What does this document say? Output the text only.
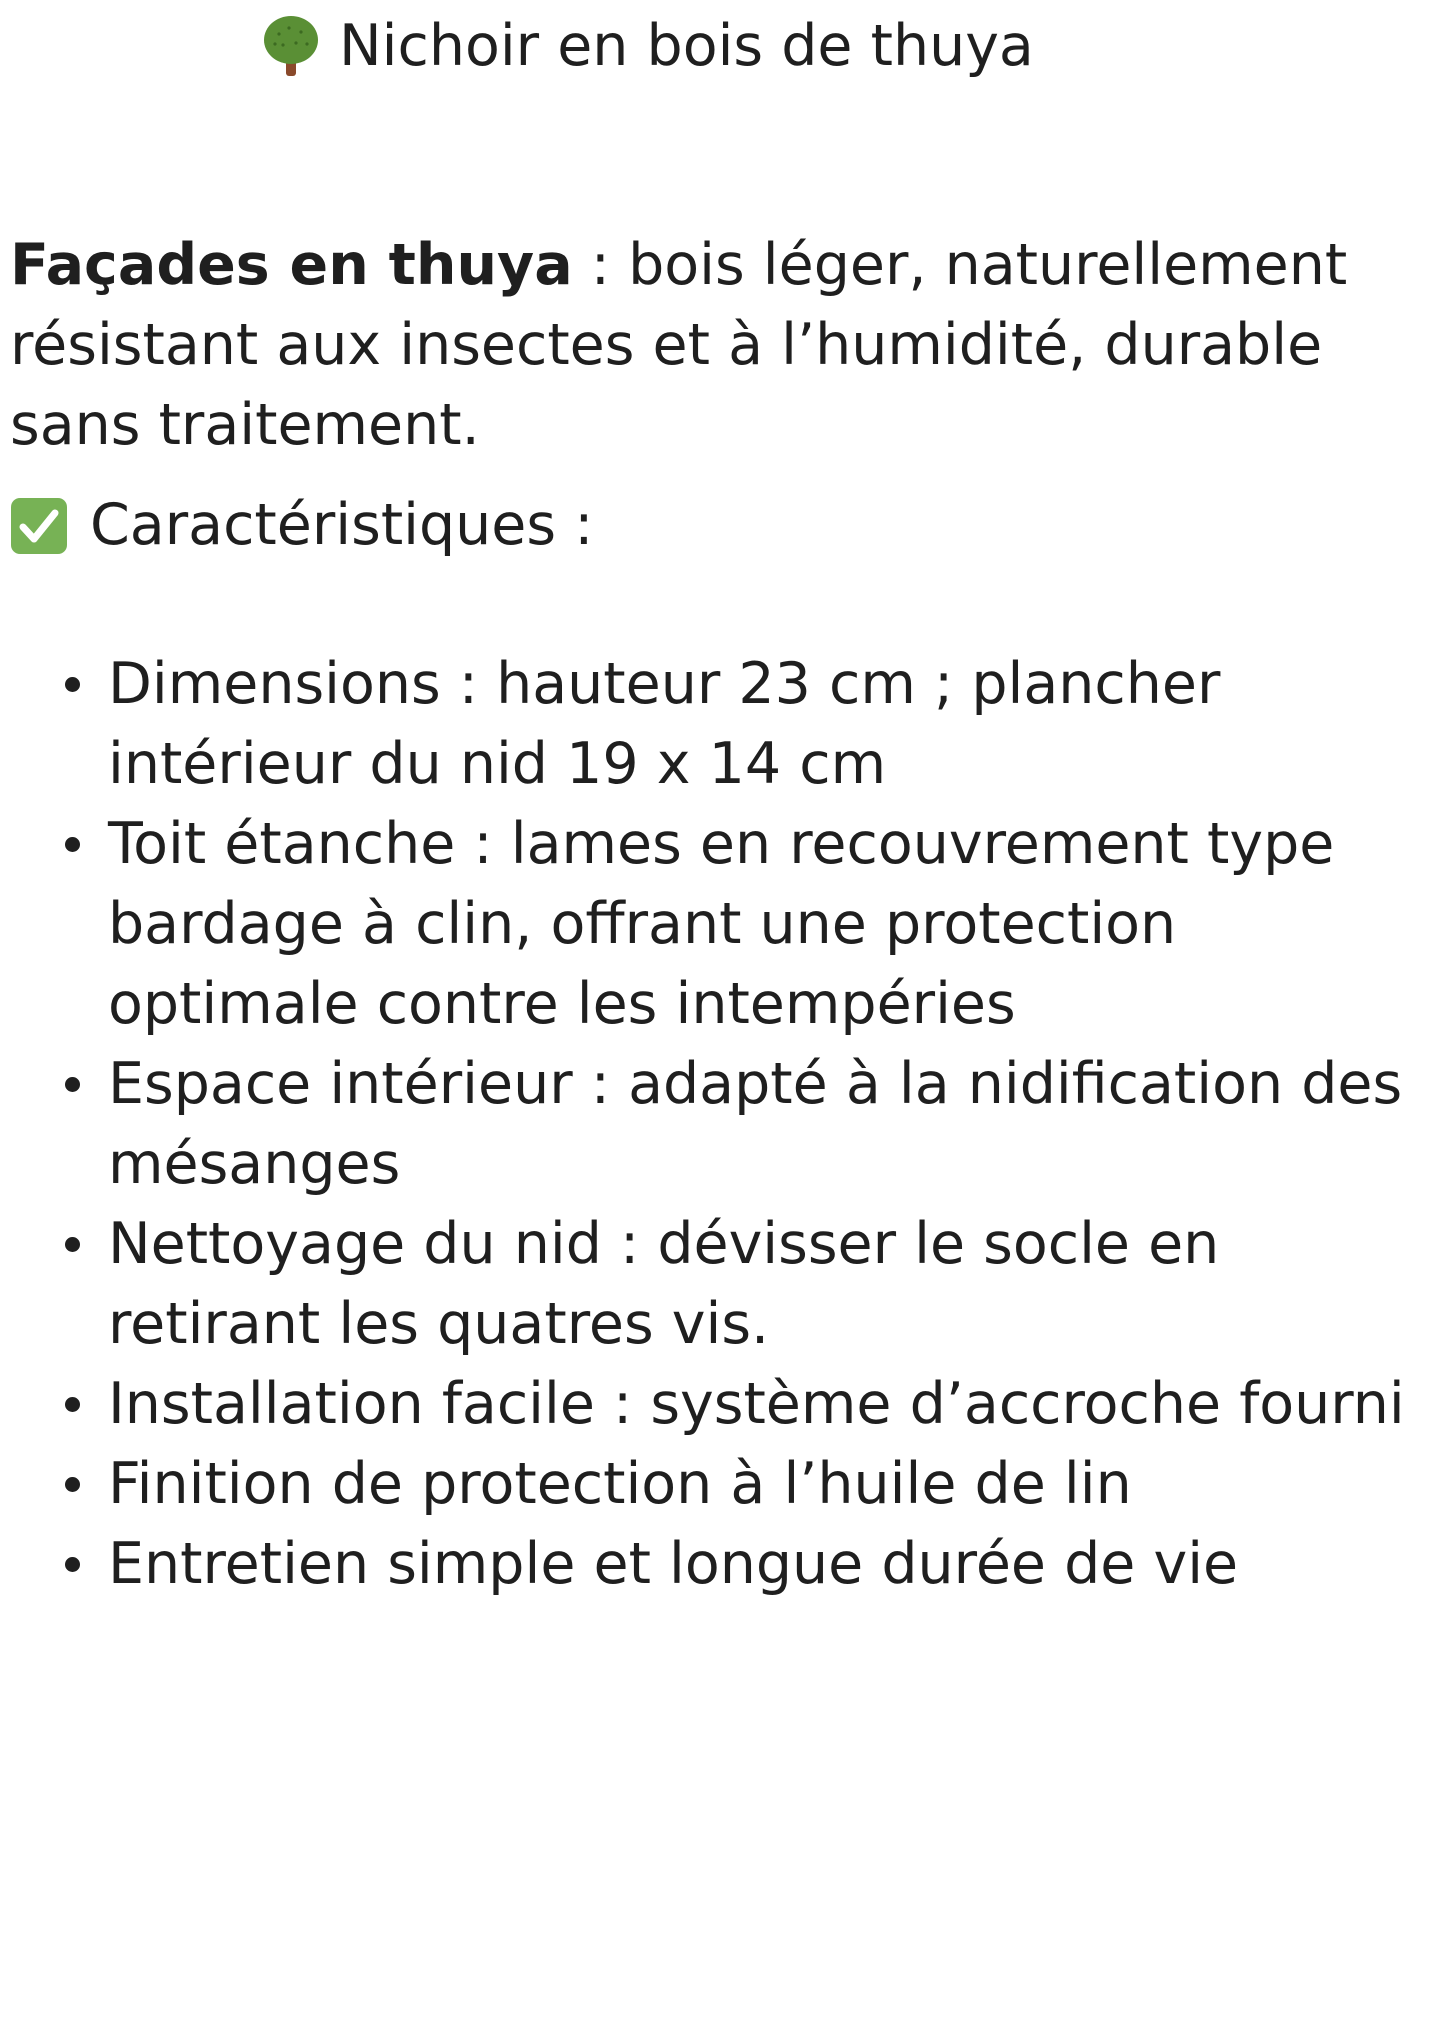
Nichoir en bois de thuya

Façades en thuya : bois léger, naturellement résistant aux insectes et à l’humidité, durable sans traitement.

Caractéristiques :
Dimensions : hauteur 23 cm ; plancher intérieur du nid 19 x 14 cm
Toit étanche : lames en recouvrement type bardage à clin, offrant une protection optimale contre les intempéries
Espace intérieur : adapté à la nidification des mésanges
Nettoyage du nid : dévisser le socle en retirant les quatres vis.
Installation facile : système d’accroche fourni
Finition de protection à l’huile de lin
Entretien simple et longue durée de vie
